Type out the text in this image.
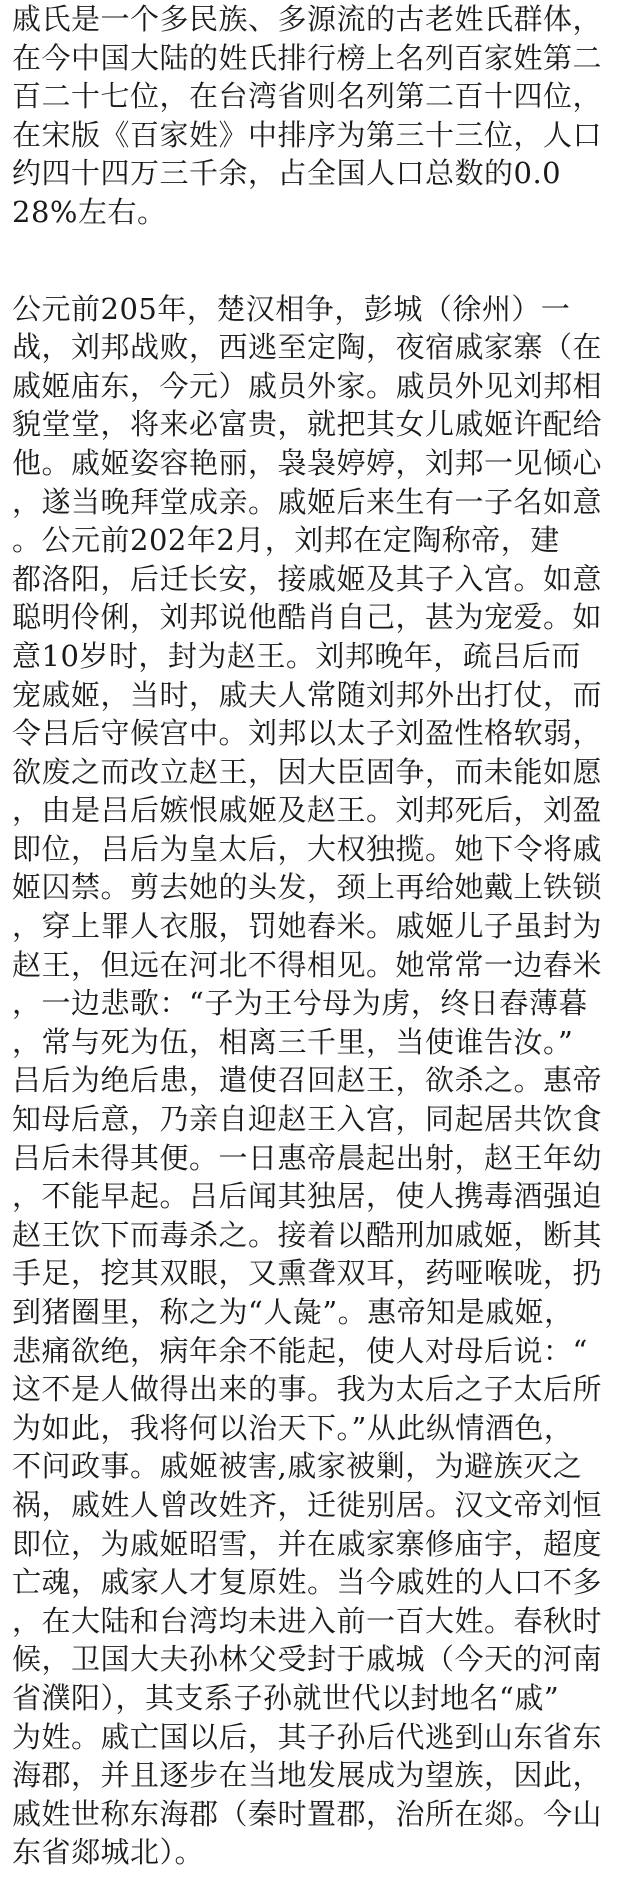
戚氏是一个多民族、多源流的古老姓氏群体，
在今中国大陆的姓氏排行榜上名列百家姓第二
百二十七位，在台湾省则名列第二百十四位，
在宋版《百家姓》中排序为第三十三位，人口
约四十四万三千余，占全国人口总数的0.0
28%左右。
公元前205年，楚汉相争，彭城（徐州）一
战，刘邦战败，西逃至定陶，夜宿戚家寨（在
戚姬庙东，今元）戚员外家。戚员外见刘邦相
貌堂堂，将来必富贵，就把其女儿戚姬许配给
他。戚姬姿容艳丽，袅袅婷婷，刘邦一见倾心
，遂当晚拜堂成亲。戚姬后来生有一子名如意
。公元前202年2月，刘邦在定陶称帝，建
都洛阳，后迁长安，接戚姬及其子入宫。如意
聪明伶俐，刘邦说他酷肖自己，甚为宠爱。如
意10岁时，封为赵王。刘邦晚年，疏吕后而
宠戚姬，当时，戚夫人常随刘邦外出打仗，而
令吕后守候宫中。刘邦以太子刘盈性格软弱，
欲废之而改立赵王，因大臣固争，而未能如愿
，由是吕后嫉恨戚姬及赵王。刘邦死后，刘盈
即位，吕后为皇太后，大权独揽。她下令将戚
姬囚禁。剪去她的头发，颈上再给她戴上铁锁
，穿上罪人衣服，罚她舂米。戚姬儿子虽封为
赵王，但远在河北不得相见。她常常一边舂米
，一边悲歌：“子为王兮母为虏，终日舂薄暮
，常与死为伍，相离三千里，当使谁告汝。”
吕后为绝后患，遣使召回赵王，欲杀之。惠帝
知母后意，乃亲自迎赵王入宫，同起居共饮食
吕后未得其便。一日惠帝晨起出射，赵王年幼
，不能早起。吕后闻其独居，使人携毒酒强迫
赵王饮下而毒杀之。接着以酷刑加戚姬，断其
手足，挖其双眼，又熏聋双耳，药哑喉咙，扔
到猪圈里，称之为“人彘”。惠帝知是戚姬，
悲痛欲绝，病年余不能起，使人对母后说：“
这不是人做得出来的事。我为太后之子太后所
为如此，我将何以治天下。”从此纵情酒色，
不问政事。戚姬被害,戚家被剿，为避族灭之
祸，戚姓人曾改姓齐，迁徙别居。汉文帝刘恒
即位，为戚姬昭雪，并在戚家寨修庙宇，超度
亡魂，戚家人才复原姓。当今戚姓的人口不多
，在大陆和台湾均未进入前一百大姓。春秋时
候，卫国大夫孙林父受封于戚城（今天的河南
省濮阳），其支系子孙就世代以封地名“戚”
为姓。戚亡国以后，其子孙后代逃到山东省东
海郡，并且逐步在当地发展成为望族，因此，
戚姓世称东海郡（秦时置郡，治所在郯。今山
东省郯城北）。
